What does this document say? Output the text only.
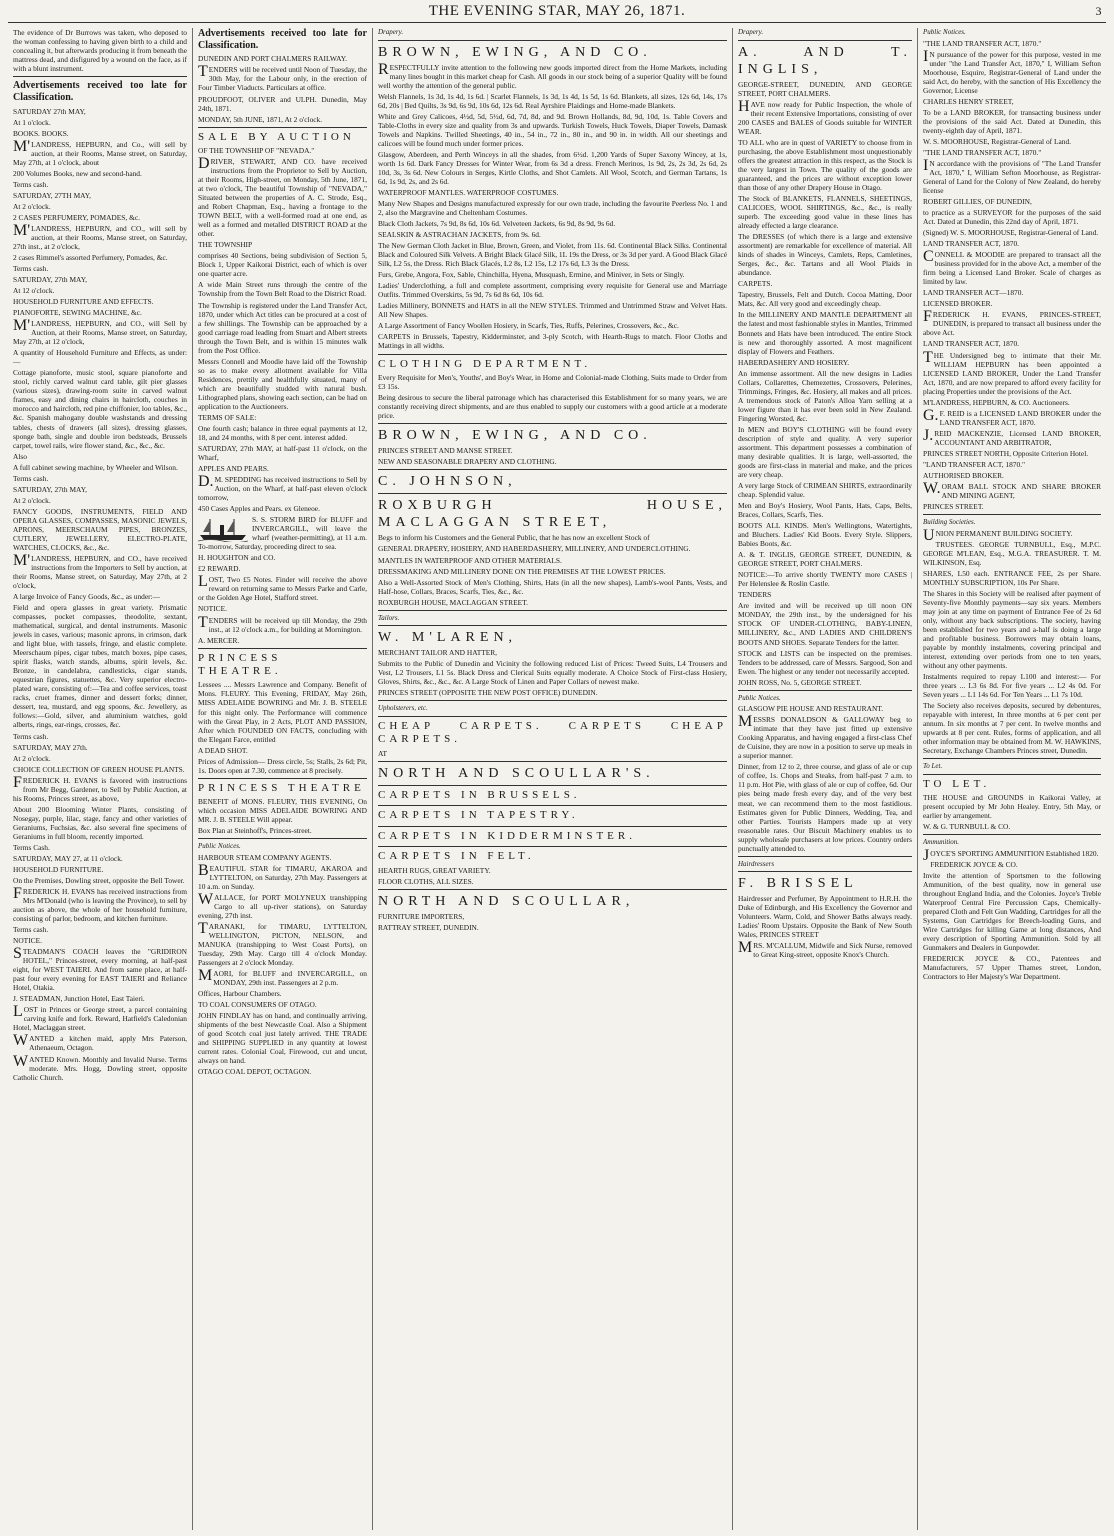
THE EVENING STAR, MAY 26, 1871.	3

The evidence of Dr Burrows was taken, who deposed to the woman confessing to having given birth to a child and concealing it, but afterwards producing it from beneath the mattress dead, and disfigured by a wound on the face, as if with a blunt instrument.

Advertisements received too late for Classification.

SATURDAY 27th MAY,

At 1 o'clock.

BOOKS. BOOKS.

M'LANDRESS, HEPBURN, and Co., will sell by auction, at their Rooms, Manse street, on Saturday, May 27th, at 1 o'clock, about

200 Volumes Books, new and second-hand.

Terms cash.

SATURDAY, 27TH MAY,

At 2 o'clock.

2 CASES PERFUMERY, POMADES, &c.

M'LANDRESS, HEPBURN, and CO., will sell by auction, at their Rooms, Manse street, on Saturday, 27th inst., at 2 o'clock,

2 cases Rimmel's assorted Perfumery, Pomades, &c.

Terms cash.

SATURDAY, 27th MAY,

At 12 o'clock.

HOUSEHOLD FURNITURE AND EFFECTS.

PIANOFORTE, SEWING MACHINE, &c.

M'LANDRESS, HEPBURN, and CO., will Sell by Auction, at their Rooms, Manse street, on Saturday, May 27th, at 12 o'clock,

A quantity of Household Furniture and Effects, as under:—

Cottage pianoforte, music stool, square pianoforte and stool, richly carved walnut card table, gilt pier glasses (various sizes), drawing-room suite in carved walnut frames, easy and dining chairs in haircloth, couches in morocco and haircloth, red pine chiffonier, loo tables, &c., &c. Spanish mahogany double washstands and dressing tables, chests of drawers (all sizes), dressing glasses, sponge bath, single and double iron bedsteads, Brussels carpet, towel rails, wire flower stand, &c., &c., &c.

Also

A full cabinet sewing machine, by Wheeler and Wilson.

Terms cash.

SATURDAY, 27th MAY,

At 2 o'clock.

FANCY GOODS, INSTRUMENTS, FIELD AND OPERA GLASSES, COMPASSES, MASONIC JEWELS, APRONS, MEERSCHAUM PIPES, BRONZES, CUTLERY, JEWELLERY, ELECTRO-PLATE, WATCHES, CLOCKS, &c., &c.

M'LANDRESS, HEPBURN, and CO., have received instructions from the Importers to Sell by auction, at their Rooms, Manse street, on Saturday, May 27th, at 2 o'clock,

A large Invoice of Fancy Goods, &c., as under:—

Field and opera glasses in great variety. Prismatic compasses, pocket compasses, theodolite, sextant, mathematical, surgical, and dental instruments. Masonic jewels in cases, various; masonic aprons, in crimson, dark and light blue, with tassels, fringe, and elastic complete. Meerschaum pipes, cigar tubes, match boxes, pipe cases, spirit flasks, watch stands, albums, spirit levels, &c. Bronze, in candelabra, candlesticks, cigar stands, equestrian figures, statuettes, &c. Very superior electro-plated ware, consisting of:—Tea and coffee services, toast racks, cruet frames, dinner and dessert forks; dinner, dessert, tea, mustard, and egg spoons, &c. Jewellery, as follows:—Gold, silver, and aluminium watches, gold alberts, rings, ear-rings, crosses, &c.

Terms cash.

SATURDAY, MAY 27th.

At 2 o'clock.

CHOICE COLLECTION OF GREEN HOUSE PLANTS.

FREDERICK H. EVANS is favored with instructions from Mr Begg, Gardener, to Sell by Public Auction, at his Rooms, Princes street, as above,

About 200 Blooming Winter Plants, consisting of Nosegay, purple, lilac, stage, fancy and other varieties of Geraniums, Fuchsias, &c. also several fine specimens of Geraniums in full bloom, recently imported.

Terms Cash.

SATURDAY, MAY 27, at 11 o'clock.

HOUSEHOLD FURNITURE.

On the Premises, Dowling street, opposite the Bell Tower.

FREDERICK H. EVANS has received instructions from Mrs M'Donald (who is leaving the Province), to sell by auction as above, the whole of her household furniture, consisting of parlor, bedroom, and kitchen furniture.

Terms cash.

NOTICE.

STEADMAN'S COACH leaves the "GRIDIRON HOTEL," Princes-street, every morning, at half-past eight, for WEST TAIERI. And from same place, at half-past four every evening for EAST TAIERI and Reliance Hotel, Otakia.

J. STEADMAN, Junction Hotel, East Taieri.

LOST in Princes or George street, a parcel containing carving knife and fork. Reward, Hatfield's Caledonian Hotel, Maclaggan street.

WANTED a kitchen maid, apply Mrs Paterson, Athenaeum, Octagon.

WANTED Known. Monthly and Invalid Nurse. Terms moderate. Mrs. Hogg, Dowling street, opposite Catholic Church.

Advertisements received too late for Classification.

DUNEDIN AND PORT CHALMERS RAILWAY.

TENDERS will be received until Noon of Tuesday, the 30th May, for the Labour only, in the erection of Four Timber Viaducts. Particulars at office.

PROUDFOOT, OLIVER and ULPH. Dunedin, May 24th, 1871.

MONDAY, 5th JUNE, 1871, At 2 o'clock.

SALE BY AUCTION

OF THE TOWNSHIP OF "NEVADA."

DRIVER, STEWART, AND CO. have received instructions from the Proprietor to Sell by Auction, at their Rooms, High-street, on Monday, 5th June, 1871, at two o'clock, The beautiful Township of "NEVADA," Situated between the properties of A. C. Strode, Esq., and Robert Chapman, Esq., having a frontage to the TOWN BELT, with a well-formed road at one end, as well as a formed and metalled DISTRICT ROAD at the other.

THE TOWNSHIP

comprises 40 Sections, being subdivision of Section 5, Block 1, Upper Kaikorai District, each of which is over one quarter acre.

A wide Main Street runs through the centre of the Township from the Town Belt Road to the District Road.

The Township is registered under the Land Transfer Act, 1870, under which Act titles can be procured at a cost of a few shillings. The Township can be approached by a good carriage road leading from Stuart and Albert streets through the Town Belt, and is within 15 minutes walk from the Post Office.

Messrs Connell and Moodie have laid off the Township so as to make every allotment available for Villa Residences, prettily and healthfully situated, many of which are beautifully studded with natural bush. Lithographed plans, showing each section, can be had on application to the Auctioneers.

TERMS OF SALE:

One fourth cash; balance in three equal payments at 12, 18, and 24 months, with 8 per cent. interest added.

SATURDAY, 27th MAY, at half-past 11 o'clock, on the Wharf,

APPLES AND PEARS.

D.M. SPEDDING has received instructions to Sell by Auction, on the Wharf, at half-past eleven o'clock tomorrow,

450 Cases Apples and Pears. ex Gleneoe.

S. S. STORM BIRD for BLUFF and INVERCARGILL, will leave the wharf (weather-permitting), at 11 a.m. To-morrow, Saturday, proceeding direct to sea.

H. HOUGHTON and CO.

£2 REWARD.

LOST, Two £5 Notes. Finder will receive the above reward on returning same to Messrs Parke and Carle, or the Golden Age Hotel, Stafford street.

NOTICE.

TENDERS will be received up till Monday, the 29th inst., at 12 o'clock a.m., for building at Mornington.

A. MERCER.

PRINCESS THEATRE.

Lessees .... Messrs Lawrence and Company. Benefit of Mons. FLEURY. This Evening, FRIDAY, May 26th, MISS ADELAIDE BOWRING and Mr. J. B. STEELE for this night only. The Performance will commence with the Great Play, in 2 Acts, PLOT AND PASSION, After which FOUNDED ON FACTS, concluding with the Elegant Farce, entitled

A DEAD SHOT.

Prices of Admission— Dress circle, 5s; Stalls, 2s 6d; Pit, 1s. Doors open at 7.30, commence at 8 precisely.

PRINCESS THEATRE

BENEFIT of MONS. FLEURY, THIS EVENING, On which occasion MISS ADELAIDE BOWRING AND MR. J. B. STEELE Will appear.

Box Plan at Steinhoff's, Princes-street.

Public Notices.

HARBOUR STEAM COMPANY AGENTS.

BEAUTIFUL STAR for TIMARU, AKAROA and LYTTELTON, on Saturday, 27th May. Passengers at 10 a.m. on Sunday.

WALLACE, for PORT MOLYNEUX transhipping Cargo to all up-river stations), on Saturday evening, 27th inst.

TARANAKI, for TIMARU, LYTTELTON, WELLINGTON, PICTON, NELSON, and MANUKA (transhipping to West Coast Ports), on Tuesday, 29th May. Cargo till 4 o'clock Monday. Passengers at 2 o'clock Monday.

MAORI, for BLUFF and INVERCARGILL, on MONDAY, 29th inst. Passengers at 2 p.m.

Offices, Harbour Chambers.

TO COAL CONSUMERS OF OTAGO.

JOHN FINDLAY has on hand, and continually arriving, shipments of the best Newcastle Coal. Also a Shipment of good Scotch coal just lately arrived. THE TRADE and SHIPPING SUPPLIED in any quantity at lowest current rates. Colonial Coal, Firewood, cut and uncut, always on hand.

OTAGO COAL DEPOT, OCTAGON.

Drapery.

BROWN, EWING, AND CO.

RESPECTFULLY invite attention to the following new goods imported direct from the Home Markets, including many lines bought in this market cheap for Cash. All goods in our stock being of a superior Quality will be found well worthy the attention of the general public.

Welsh Flannels, 1s 3d, 1s 4d, 1s 6d. | Scarlet Flannels, 1s 3d, 1s 4d, 1s 5d, 1s 6d. Blankets, all sizes, 12s 6d, 14s, 17s 6d, 20s | Bed Quilts, 3s 9d, 6s 9d, 10s 6d, 12s 6d. Real Ayrshire Plaidings and Home-made Blankets.

White and Grey Calicoes, 4½d, 5d, 5½d, 6d, 7d, 8d, and 9d. Brown Hollands, 8d, 9d, 10d, 1s. Table Covers and Table-Cloths in every size and quality from 3s and upwards. Turkish Towels, Huck Towels, Diaper Towels, Damask Towels and Napkins. Twilled Sheetings, 40 in., 54 in., 72 in., 80 in., and 90 in. in width. All our sheetings and calicoes will be found much under former prices.

Glasgow, Aberdeen, and Perth Winceys in all the shades, from 6½d. 1,200 Yards of Super Saxony Wincey, at 1s, worth 1s 6d. Dark Fancy Dresses for Winter Wear, from 6s 3d a dress. French Merinos, 1s 9d, 2s, 2s 3d, 2s 6d, 2s 10d, 3s, 3s 6d. New Colours in Serges, Kirtle Cloths, and Shot Camlets. All Wool, Scotch, and German Tartans, 1s 6d, 1s 9d, 2s, and 2s 6d.

WATERPROOF MANTLES. WATERPROOF COSTUMES.

Many New Shapes and Designs manufactured expressly for our own trade, including the favourite Peerless No. 1 and 2, also the Margravine and Cheltenham Costumes.

Black Cloth Jackets, 7s 9d, 8s 6d, 10s 6d. Velveteen Jackets, 6s 9d, 8s 9d, 9s 6d.

SEALSKIN & ASTRACHAN JACKETS, from 9s. 6d.

The New German Cloth Jacket in Blue, Brown, Green, and Violet, from 11s. 6d. Continental Black Silks. Continental Black and Coloured Silk Velvets. A Bright Black Glacé Silk, 1L 19s the Dress, or 3s 3d per yard. A Good Black Glacé Silk, L2 5s, the Dress. Rich Black Glacés, L2 8s, L2 15s, L2 17s 6d, L3 3s the Dress.

Furs, Grebe, Angora, Fox, Sable, Chinchilla, Hyena, Musquash, Ermine, and Miniver, in Sets or Singly.

Ladies' Underclothing, a full and complete assortment, comprising every requisite for General use and Marriage Outfits. Trimmed Overskirts, 5s 9d, 7s 6d 8s 6d, 10s 6d.

Ladies Millinery, BONNETS and HATS in all the NEW STYLES. Trimmed and Untrimmed Straw and Velvet Hats. All New Shapes.

A Large Assortment of Fancy Woollen Hosiery, in Scarfs, Ties, Ruffs, Pelerines, Crossovers, &c., &c.

CARPETS in Brussels, Tapestry, Kidderminster, and 3-ply Scotch, with Hearth-Rugs to match. Floor Cloths and Mattings in all widths.

CLOTHING DEPARTMENT.

Every Requisite for Men's, Youths', and Boy's Wear, in Home and Colonial-made Clothing, Suits made to Order from £3 15s.

Being desirous to secure the liberal patronage which has characterised this Establishment for so many years, we are constantly receiving direct shipments, and are thus enabled to supply our customers with a good article at a moderate price.

BROWN, EWING, AND CO.

PRINCES STREET AND MANSE STREET.

NEW AND SEASONABLE DRAPERY AND CLOTHING.

C. JOHNSON,

ROXBURGH HOUSE, MACLAGGAN STREET,

Begs to inform his Customers and the General Public, that he has now an excellent Stock of

GENERAL DRAPERY, HOSIERY, AND HABERDASHERY, MILLINERY, AND UNDERCLOTHING.

MANTLES IN WATERPROOF AND OTHER MATERIALS.

DRESSMAKING AND MILLINERY DONE ON THE PREMISES AT THE LOWEST PRICES.

Also a Well-Assorted Stock of Men's Clothing, Shirts, Hats (in all the new shapes), Lamb's-wool Pants, Vests, and Half-hose, Collars, Braces, Scarfs, Ties, &c., &c.

ROXBURGH HOUSE, MACLAGGAN STREET.

Tailors.

W. M'LAREN,

MERCHANT TAILOR AND HATTER,

Submits to the Public of Dunedin and Vicinity the following reduced List of Prices: Tweed Suits, L4 Trousers and Vest, L2 Trousers, L1 5s. Black Dress and Clerical Suits equally moderate. A Choice Stock of First-class Hosiery, Gloves, Shirts, &c., &c., &c. A Large Stock of Linen and Paper Collars of newest make.

PRINCES STREET (OPPOSITE THE NEW POST OFFICE) DUNEDIN.

Upholsterers, etc.

CHEAP CARPETS. CARPETS CHEAP CARPETS.

AT

NORTH AND SCOULLAR'S.

CARPETS IN BRUSSELS.

CARPETS IN TAPESTRY.

CARPETS IN KIDDERMINSTER.

CARPETS IN FELT.

HEARTH RUGS, GREAT VARIETY.

FLOOR CLOTHS, ALL SIZES.

NORTH AND SCOULLAR,

FURNITURE IMPORTERS,

RATTRAY STREET, DUNEDIN.

Drapery.

A. AND T. INGLIS,

GEORGE-STREET, DUNEDIN, AND GEORGE STREET, PORT CHALMERS.

HAVE now ready for Public Inspection, the whole of their recent Extensive Importations, consisting of over 200 CASES and BALES of Goods suitable for WINTER WEAR.

TO ALL who are in quest of VARIETY to choose from in purchasing, the above Establishment most unquestionably offers the greatest attraction in this respect, as the Stock is the very largest in Town. The quality of the goods are guaranteed, and the prices are without exception lower than those of any other Drapery House in Otago.

The Stock of BLANKETS, FLANNELS, SHEETINGS, CALICOES, WOOL SHIRTINGS, &c., &c., is really superb. The exceeding good value in these lines has already effected a large clearance.

The DRESSES (of which there is a large and extensive assortment) are remarkable for excellence of material. All kinds of shades in Winceys, Camlets, Reps, Camletines, Serges, &c., &c. Tartans and all Wool Plaids in abundance.

CARPETS.

Tapestry, Brussels, Felt and Dutch. Cocoa Matting, Door Mats, &c. All very good and exceedingly cheap.

In the MILLINERY AND MANTLE DEPARTMENT all the latest and most fashionable styles in Mantles, Trimmed Bonnets and Hats have been introduced. The entire Stock is new and thoroughly assorted. A most magnificent display of Flowers and Feathers.

HABERDASHERY AND HOSIERY.

An immense assortment. All the new designs in Ladies Collars, Collarettes, Chemezettes, Crossovers, Pelerines, Trimmings, Fringes, &c. Hosiery, all makes and all prices. A tremendous stock of Paton's Alloa Yarn selling at a lower figure than it has ever been sold in New Zealand. Fingering Worsted, &c.

In MEN and BOY'S CLOTHING will be found every description of style and quality. A very superior assortment. This department possesses a combination of many desirable qualities. It is large, well-assorted, the goods are first-class in material and make, and the prices are very cheap.

A very large Stock of CRIMEAN SHIRTS, extraordinarily cheap. Splendid value.

Men and Boy's Hosiery, Wool Pants, Hats, Caps, Belts, Braces, Collars, Scarfs, Ties.

BOOTS ALL KINDS. Men's Wellingtons, Watertights, and Bluchers. Ladies' Kid Boots. Every Style. Slippers, Babies Boots, &c.

A. & T. INGLIS, GEORGE STREET, DUNEDIN, & GEORGE STREET, PORT CHALMERS.

NOTICE:—To arrive shortly TWENTY more CASES | Per Helenslee & Roslin Castle.

TENDERS

Are invited and will be received up till noon ON MONDAY, the 29th inst., by the undersigned for his STOCK OF UNDER-CLOTHING, BABY-LINEN, MILLINERY, &c., AND LADIES AND CHILDREN'S BOOTS AND SHOES. Separate Tenders for the latter.

STOCK and LISTS can be inspected on the premises. Tenders to be addressed, care of Messrs. Sargood, Son and Ewen. The highest or any tender not necessarily accepted.

JOHN ROSS, No. 5, GEORGE STREET.

Public Notices.

GLASGOW PIE HOUSE AND RESTAURANT.

MESSRS DONALDSON & GALLOWAY beg to intimate that they have just fitted up extensive Cooking Apparatus, and having engaged a first-class Chef de Cuisine, they are now in a position to serve up meals in a superior manner.

Dinner, from 12 to 2, three course, and glass of ale or cup of coffee, 1s. Chops and Steaks, from half-past 7 a.m. to 11 p.m. Hot Pie, with glass of ale or cup of coffee, 6d. Our pies being made fresh every day, and of the very best meat, we can recommend them to the most fastidious. Estimates given for Public Dinners, Wedding, Tea, and other Parties. Tourists Hampers made up at very reasonable rates. Our Biscuit Machinery enables us to supply wholesale purchasers at low prices. Country orders punctually attended to.

Hairdressers

F. BRISSEL

Hairdresser and Perfumer, By Appointment to H.R.H. the Duke of Edinburgh, and His Excellency the Governor and Volunteers. Warm, Cold, and Shower Baths always ready. Ladies' Room Upstairs. Opposite the Bank of New South Wales, PRINCES STREET

MRS. M'CALLUM, Midwife and Sick Nurse, removed to Great King-street, opposite Knox's Church.

Public Notices.

"THE LAND TRANSFER ACT, 1870."

IN pursuance of the power for this purpose, vested in me under "the Land Transfer Act, 1870," I, William Sefton Moorhouse, Esquire, Registrar-General of Land under the said Act, do hereby, with the sanction of His Excellency the Governor, License

CHARLES HENRY STREET,

To be a LAND BROKER, for transacting business under the provisions of the said Act. Dated at Dunedin, this twenty-eighth day of April, 1871.

W. S. MOORHOUSE, Registrar-General of Land.

"THE LAND TRANSFER ACT, 1870."

IN accordance with the provisions of "The Land Transfer Act, 1870," I, William Sefton Moorhouse, as Registrar-General of Land for the Colony of New Zealand, do hereby license

ROBERT GILLIES, OF DUNEDIN,

to practice as a SURVEYOR for the purposes of the said Act. Dated at Dunedin, this 22nd day of April, 1871.

(Signed) W. S. MOORHOUSE, Registrar-General of Land.

LAND TRANSFER ACT, 1870.

CONNELL & MOODIE are prepared to transact all the business provided for in the above Act, a member of the firm being a Licensed Land Broker. Scale of charges as limited by law.

LAND TRANSFER ACT—1870.

LICENSED BROKER.

FREDERICK H. EVANS, PRINCES-STREET, DUNEDIN, is prepared to transact all business under the above Act.

LAND TRANSFER ACT, 1870.

THE Undersigned beg to intimate that their Mr. WILLIAM HEPBURN has been appointed a LICENSED LAND BROKER, Under the Land Transfer Act, 1870, and are now prepared to afford every facility for placing Properties under the provisions of the Act.

M'LANDRESS, HEPBURN, & CO. Auctioneers.

G.F. REID is a LICENSED LAND BROKER under the LAND TRANSFER ACT, 1870.

J.REID MACKENZIE, Licensed LAND BROKER, ACCOUNTANT AND ARBITRATOR,

PRINCES STREET NORTH, Opposite Criterion Hotel.

"LAND TRANSFER ACT, 1870."

AUTHORISED BROKER.

W.ORAM BALL STOCK AND SHARE BROKER AND MINING AGENT,

PRINCES STREET.

Building Societies.

UNION PERMANENT BUILDING SOCIETY.

TRUSTEES. GEORGE TURNBULL, Esq., M.P.C. GEORGE M'LEAN, Esq., M.G.A. TREASURER. T. M. WILKINSON, Esq.

SHARES, L50 each. ENTRANCE FEE, 2s per Share. MONTHLY SUBSCRIPTION, 10s Per Share.

The Shares in this Society will be realised after payment of Seventy-five Monthly payments—say six years. Members may join at any time on payment of Entrance Fee of 2s 6d only, without any back subscriptions. The society, having been established for two years and a-half is doing a large and profitable business. Borrowers may obtain loans, payable by monthly instalments, covering principal and interest, extending over periods from one to ten years, without any other payments.

Instalments required to repay L100 and interest:— For three years ... L3 6s 8d. For five years ... L2 4s 0d. For Seven years ... L1 14s 6d. For Ten Years ... L1 7s 10d.

The Society also receives deposits, secured by debentures, repayable with interest, In three months at 6 per cent per annum. In six months at 7 per cent. In twelve months and upwards at 8 per cent. Rules, forms of application, and all other information may be obtained from M. W. HAWKINS, Secretary, Exchange Chambers Princes street, Dunedin.

To Let.

TO LET.

THE HOUSE and GROUNDS in Kaikorai Valley, at present occupied by Mr John Healey. Entry, 5th May, or earlier by arrangement.

W. & G. TURNBULL & CO.

Ammunition.

JOYCE'S SPORTING AMMUNITION Established 1820.

FREDERICK JOYCE & CO.

Invite the attention of Sportsmen to the following Ammunition, of the best quality, now in general use throughout England India, and the Colonies. Joyce's Treble Waterproof Central Fire Percussion Caps, Chemically-prepared Cloth and Felt Gun Wadding, Cartridges for all the Systems, Gun Cartridges for Breech-loading Guns, and Wire Cartridges for killing Game at long distances, And every description of Sporting Ammunition. Sold by all Gunmakers and Dealers in Gunpowder.

FREDERICK JOYCE & CO., Patentees and Manufacturers, 57 Upper Thames street, London, Contractors to Her Majesty's War Department.
